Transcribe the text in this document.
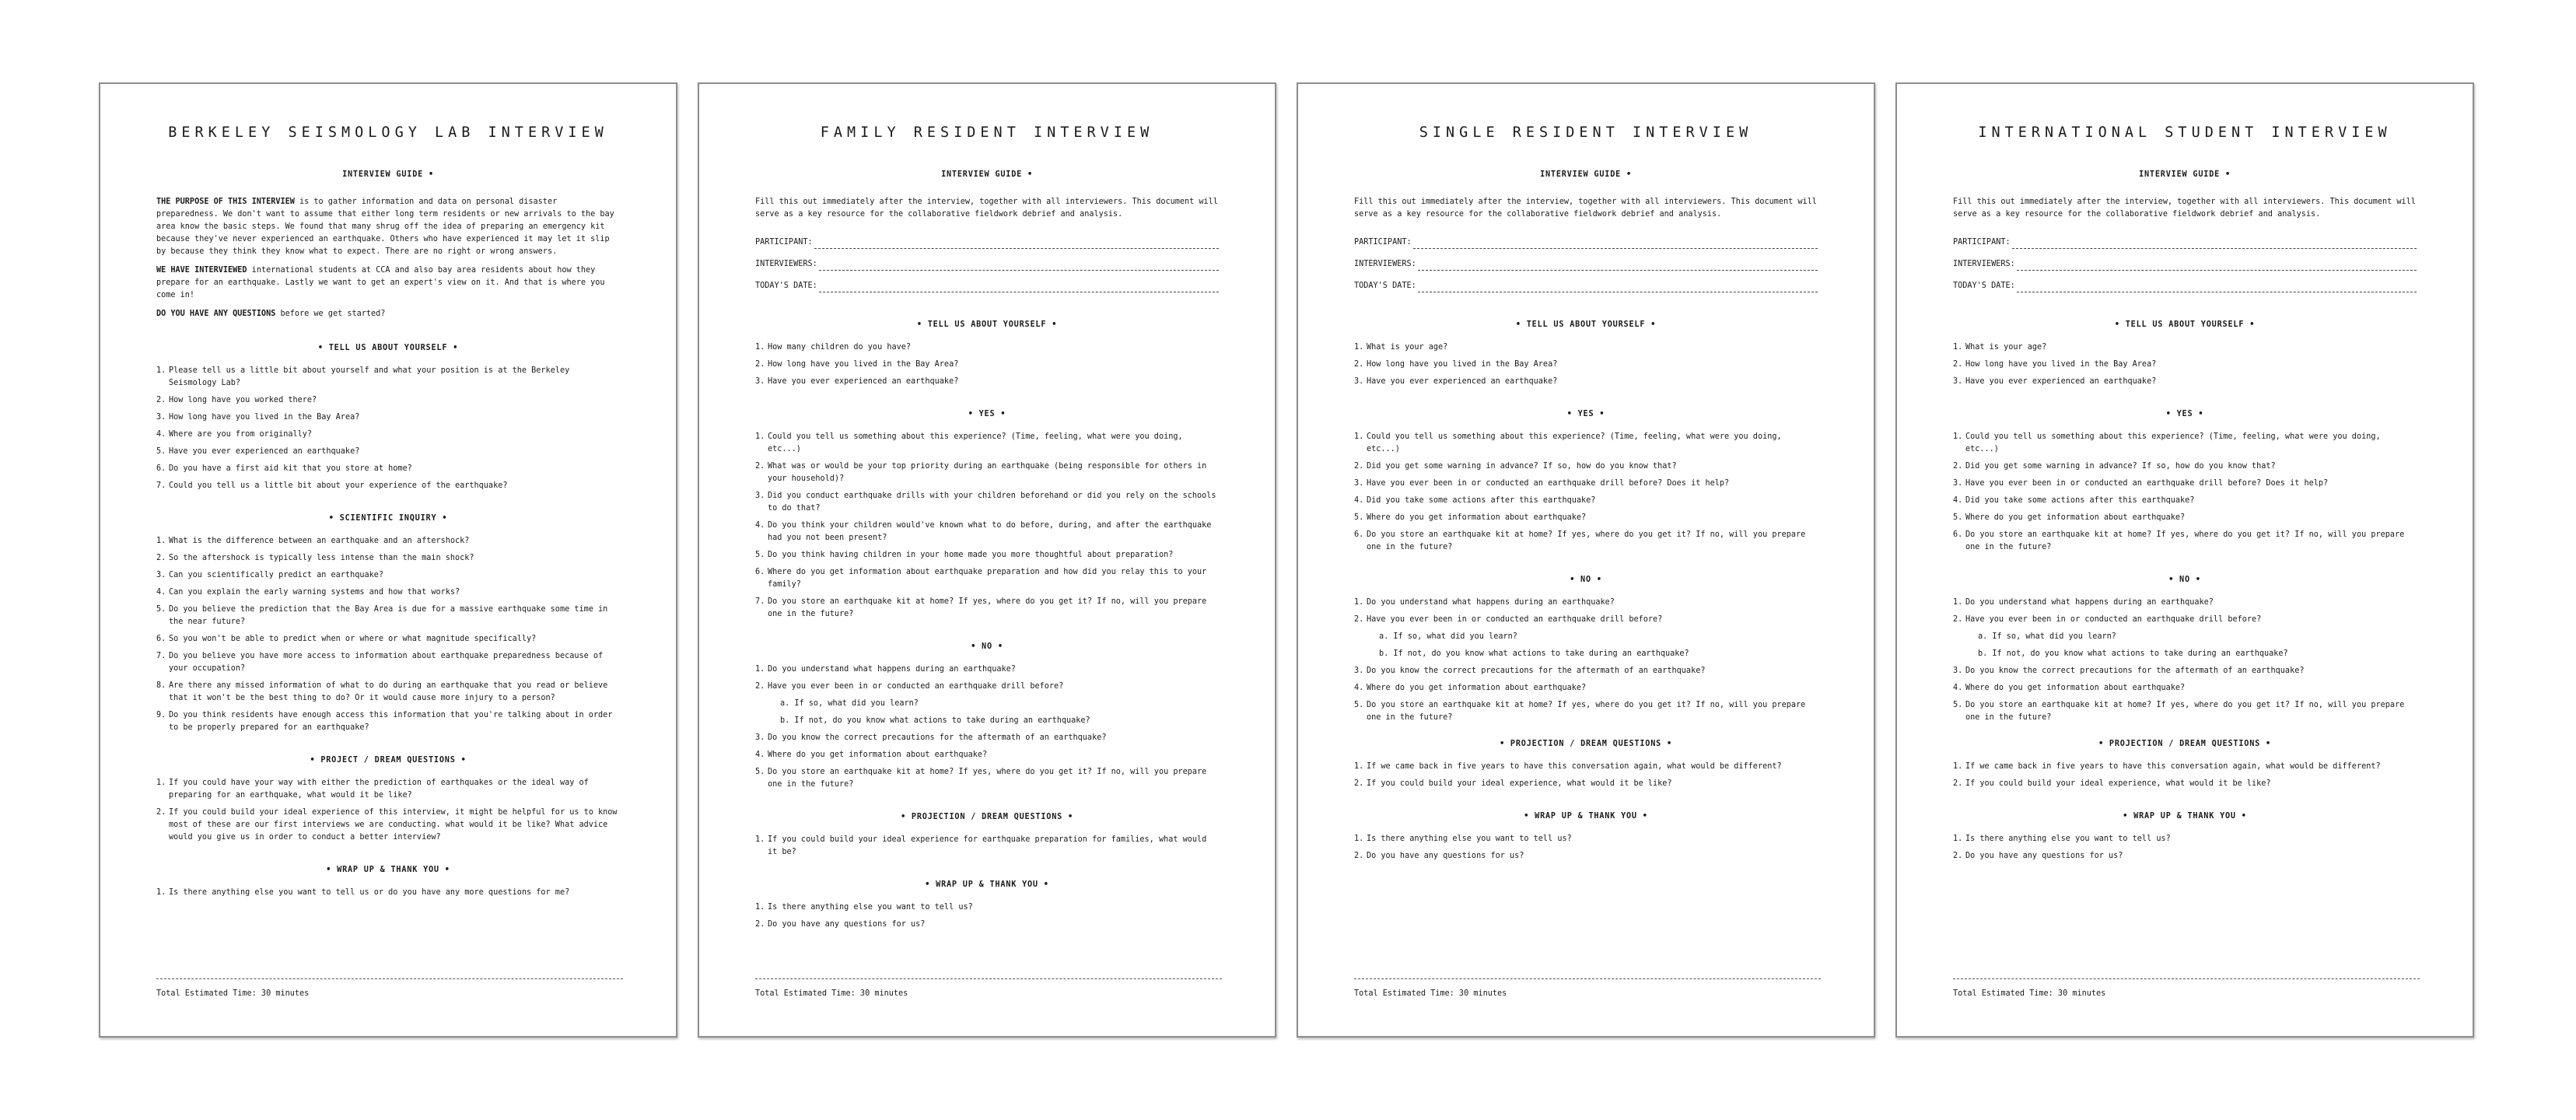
BERKELEY SEISMOLOGY LAB INTERVIEW
INTERVIEW GUIDE •

THE PURPOSE OF THIS INTERVIEW is to gather information and data on personal disaster preparedness. We don't want to assume that either long term residents or new arrivals to the bay area know the basic steps. We found that many shrug off the idea of preparing an emergency kit because they've never experienced an earthquake. Others who have experienced it may let it slip by because they think they know what to expect. There are no right or wrong answers.

WE HAVE INTERVIEWED international students at CCA and also bay area residents about how they prepare for an earthquake. Lastly we want to get an expert's view on it. And that is where you come in!

DO YOU HAVE ANY QUESTIONS before we get started?

• TELL US ABOUT YOURSELF •
1. Please tell us a little bit about yourself and what your position is at the Berkeley Seismology Lab?
2. How long have you worked there?
3. How long have you lived in the Bay Area?
4. Where are you from originally?
5. Have you ever experienced an earthquake?
6. Do you have a first aid kit that you store at home?
7. Could you tell us a little bit about your experience of the earthquake?
• SCIENTIFIC INQUIRY •
1. What is the difference between an earthquake and an aftershock?
2. So the aftershock is typically less intense than the main shock?
3. Can you scientifically predict an earthquake?
4. Can you explain the early warning systems and how that works?
5. Do you believe the prediction that the Bay Area is due for a massive earthquake some time in the near future?
6. So you won't be able to predict when or where or what magnitude specifically?
7. Do you believe you have more access to information about earthquake preparedness because of your occupation?
8. Are there any missed information of what to do during an earthquake that you read or believe that it won't be the best thing to do? Or it would cause more injury to a person?
9. Do you think residents have enough access this information that you're talking about in order to be properly prepared for an earthquake?
• PROJECT / DREAM QUESTIONS •
1. If you could have your way with either the prediction of earthquakes or the ideal way of preparing for an earthquake, what would it be like?
2. If you could build your ideal experience of this interview, it might be helpful for us to know most of these are our first interviews we are conducting. what would it be like? What advice would you give us in order to conduct a better interview?
• WRAP UP & THANK YOU •
1. Is there anything else you want to tell us or do you have any more questions for me?
Total Estimated Time: 30 minutes
FAMILY RESIDENT INTERVIEW
INTERVIEW GUIDE •

Fill this out immediately after the interview, together with all interviewers. This document will serve as a key resource for the collaborative fieldwork debrief and analysis.

PARTICIPANT:
INTERVIEWERS:
TODAY'S DATE:
• TELL US ABOUT YOURSELF •
1. How many children do you have?
2. How long have you lived in the Bay Area?
3. Have you ever experienced an earthquake?
• YES •
1. Could you tell us something about this experience? (Time, feeling, what were you doing, etc...)
2. What was or would be your top priority during an earthquake (being responsible for others in your household)?
3. Did you conduct earthquake drills with your children beforehand or did you rely on the schools to do that?
4. Do you think your children would've known what to do before, during, and after the earthquake had you not been present?
5. Do you think having children in your home made you more thoughtful about preparation?
6. Where do you get information about earthquake preparation and how did you relay this to your family?
7. Do you store an earthquake kit at home? If yes, where do you get it? If no, will you prepare one in the future?
• NO •
1. Do you understand what happens during an earthquake?
2. Have you ever been in or conducted an earthquake drill before?
a. If so, what did you learn?
b. If not, do you know what actions to take during an earthquake?
3. Do you know the correct precautions for the aftermath of an earthquake?
4. Where do you get information about earthquake?
5. Do you store an earthquake kit at home? If yes, where do you get it? If no, will you prepare one in the future?
• PROJECTION / DREAM QUESTIONS •
1. If you could build your ideal experience for earthquake preparation for families, what would it be?
• WRAP UP & THANK YOU •
1. Is there anything else you want to tell us?
2. Do you have any questions for us?
Total Estimated Time: 30 minutes
SINGLE RESIDENT INTERVIEW
INTERVIEW GUIDE •

Fill this out immediately after the interview, together with all interviewers. This document will serve as a key resource for the collaborative fieldwork debrief and analysis.

PARTICIPANT:
INTERVIEWERS:
TODAY'S DATE:
• TELL US ABOUT YOURSELF •
1. What is your age?
2. How long have you lived in the Bay Area?
3. Have you ever experienced an earthquake?
• YES •
1. Could you tell us something about this experience? (Time, feeling, what were you doing, etc...)
2. Did you get some warning in advance? If so, how do you know that?
3. Have you ever been in or conducted an earthquake drill before? Does it help?
4. Did you take some actions after this earthquake?
5. Where do you get information about earthquake?
6. Do you store an earthquake kit at home? If yes, where do you get it? If no, will you prepare one in the future?
• NO •
1. Do you understand what happens during an earthquake?
2. Have you ever been in or conducted an earthquake drill before?
a. If so, what did you learn?
b. If not, do you know what actions to take during an earthquake?
3. Do you know the correct precautions for the aftermath of an earthquake?
4. Where do you get information about earthquake?
5. Do you store an earthquake kit at home? If yes, where do you get it? If no, will you prepare one in the future?
• PROJECTION / DREAM QUESTIONS •
1. If we came back in five years to have this conversation again, what would be different?
2. If you could build your ideal experience, what would it be like?
• WRAP UP & THANK YOU •
1. Is there anything else you want to tell us?
2. Do you have any questions for us?
Total Estimated Time: 30 minutes
INTERNATIONAL STUDENT INTERVIEW
INTERVIEW GUIDE •

Fill this out immediately after the interview, together with all interviewers. This document will serve as a key resource for the collaborative fieldwork debrief and analysis.

PARTICIPANT:
INTERVIEWERS:
TODAY'S DATE:
• TELL US ABOUT YOURSELF •
1. What is your age?
2. How long have you lived in the Bay Area?
3. Have you ever experienced an earthquake?
• YES •
1. Could you tell us something about this experience? (Time, feeling, what were you doing, etc...)
2. Did you get some warning in advance? If so, how do you know that?
3. Have you ever been in or conducted an earthquake drill before? Does it help?
4. Did you take some actions after this earthquake?
5. Where do you get information about earthquake?
6. Do you store an earthquake kit at home? If yes, where do you get it? If no, will you prepare one in the future?
• NO •
1. Do you understand what happens during an earthquake?
2. Have you ever been in or conducted an earthquake drill before?
a. If so, what did you learn?
b. If not, do you know what actions to take during an earthquake?
3. Do you know the correct precautions for the aftermath of an earthquake?
4. Where do you get information about earthquake?
5. Do you store an earthquake kit at home? If yes, where do you get it? If no, will you prepare one in the future?
• PROJECTION / DREAM QUESTIONS •
1. If we came back in five years to have this conversation again, what would be different?
2. If you could build your ideal experience, what would it be like?
• WRAP UP & THANK YOU •
1. Is there anything else you want to tell us?
2. Do you have any questions for us?
Total Estimated Time: 30 minutes
